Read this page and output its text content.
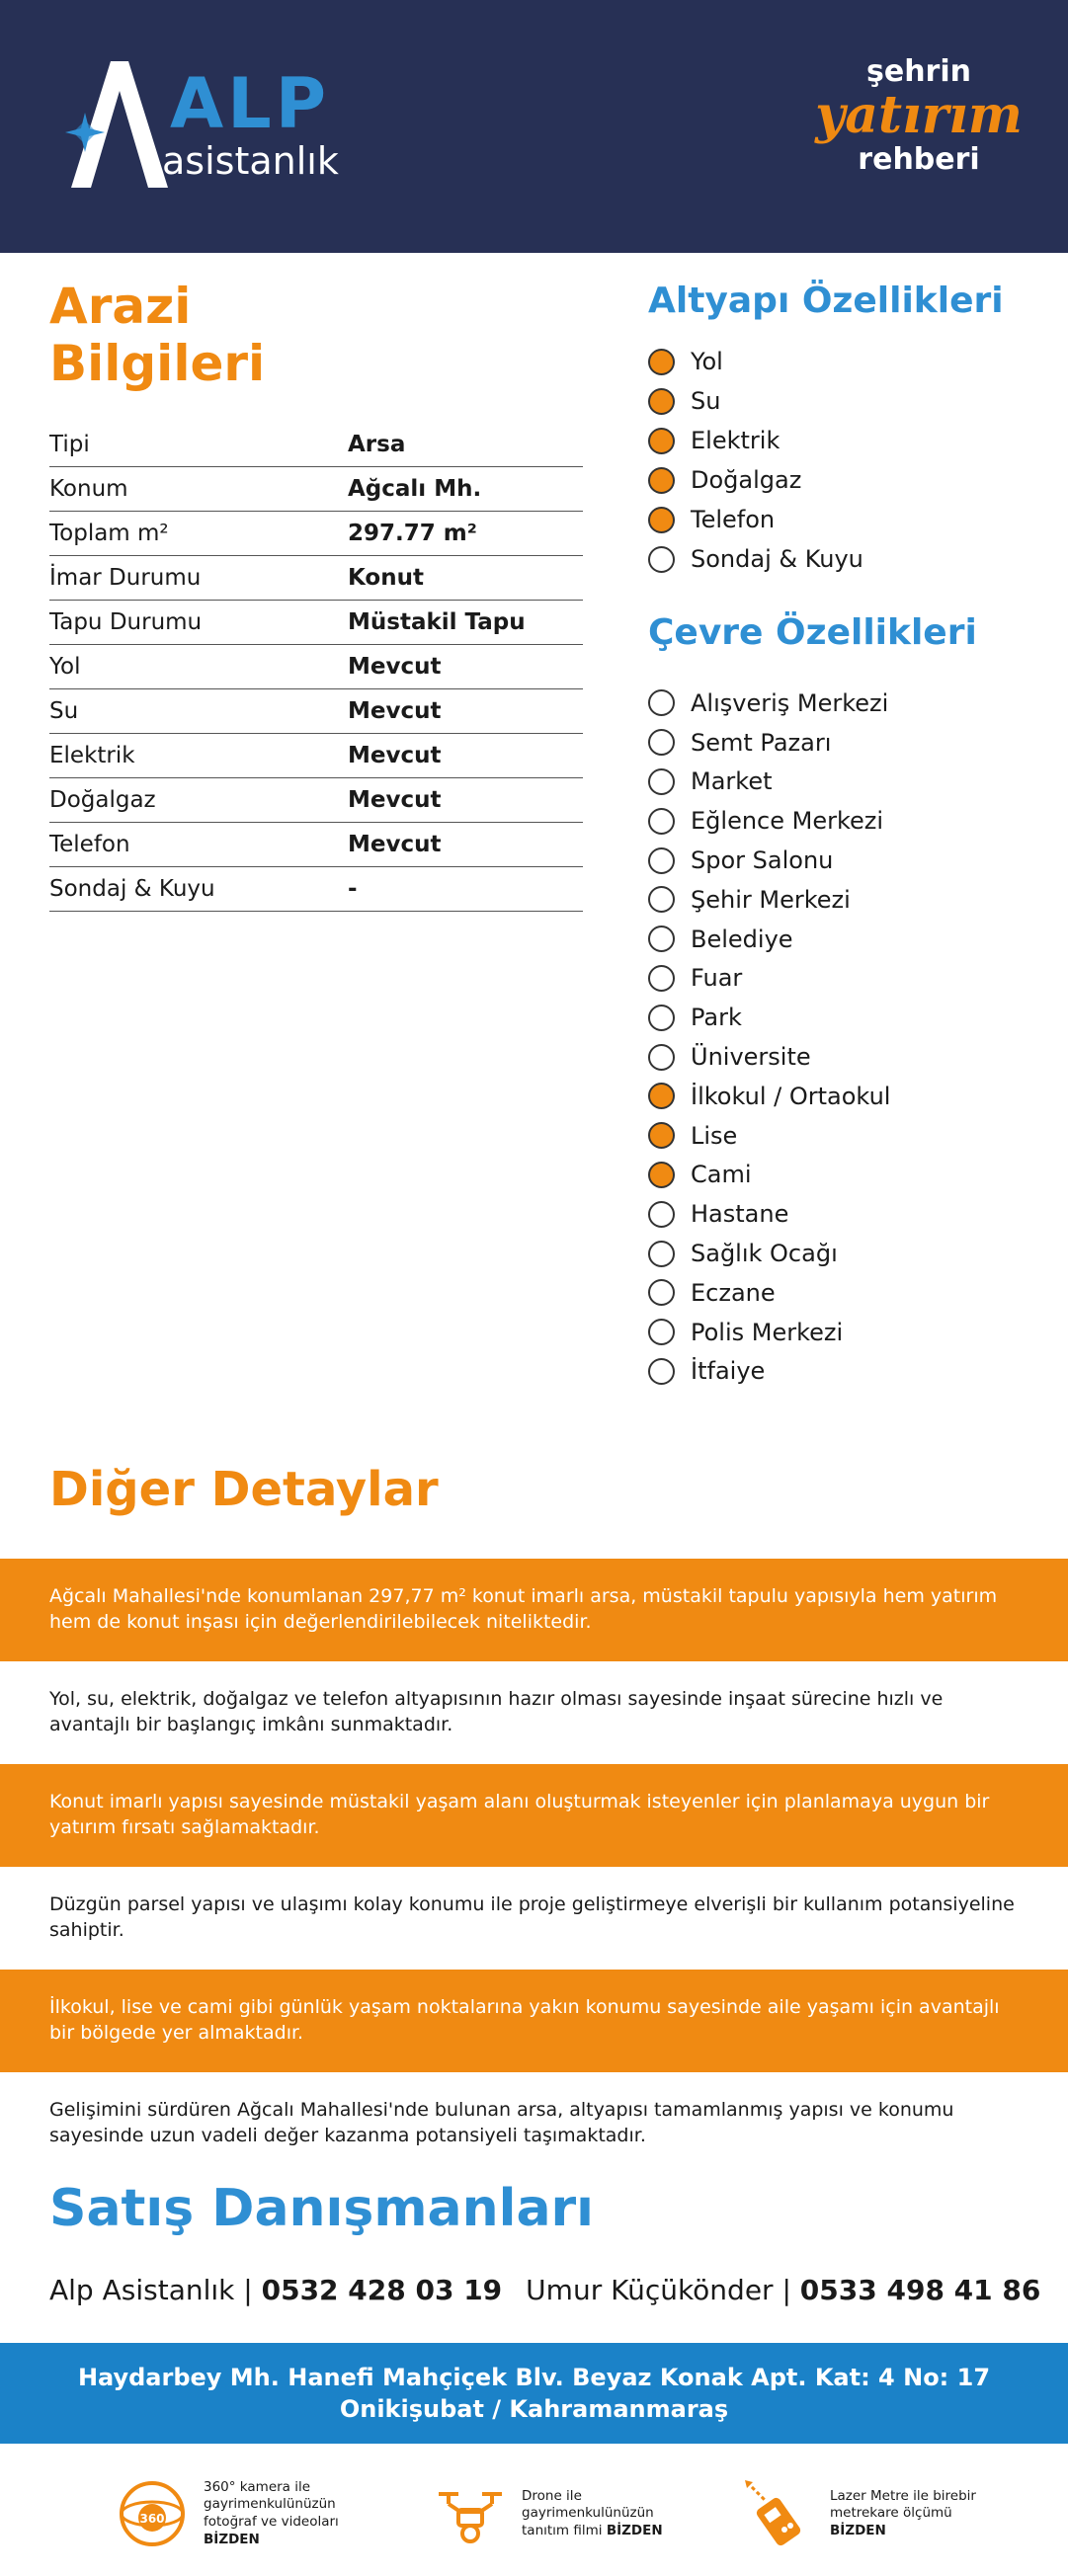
ALP
asistanlık
şehrin
yatırım
rehberi
Arazi
Bilgileri
Tipi	Arsa
Konum	Ağcalı Mh.
Toplam m²	297.77 m²
İmar Durumu	Konut
Tapu Durumu	Müstakil Tapu
Yol	Mevcut
Su	Mevcut
Elektrik	Mevcut
Doğalgaz	Mevcut
Telefon	Mevcut
Sondaj & Kuyu	-
Altyapı Özellikleri
Yol
Su
Elektrik
Doğalgaz
Telefon
Sondaj & Kuyu
Çevre Özellikleri
Alışveriş Merkezi
Semt Pazarı
Market
Eğlence Merkezi
Spor Salonu
Şehir Merkezi
Belediye
Fuar
Park
Üniversite
İlkokul / Ortaokul
Lise
Cami
Hastane
Sağlık Ocağı
Eczane
Polis Merkezi
İtfaiye
Diğer Detaylar
Ağcalı Mahallesi'nde konumlanan 297,77 m² konut imarlı arsa, müstakil tapulu yapısıyla hem yatırım hem de konut inşası için değerlendirilebilecek niteliktedir.
Yol, su, elektrik, doğalgaz ve telefon altyapısının hazır olması sayesinde inşaat sürecine hızlı ve avantajlı bir başlangıç imkânı sunmaktadır.
Konut imarlı yapısı sayesinde müstakil yaşam alanı oluşturmak isteyenler için planlamaya uygun bir yatırım fırsatı sağlamaktadır.
Düzgün parsel yapısı ve ulaşımı kolay konumu ile proje geliştirmeye elverişli bir kullanım potansiyeline sahiptir.
İlkokul, lise ve cami gibi günlük yaşam noktalarına yakın konumu sayesinde aile yaşamı için avantajlı bir bölgede yer almaktadır.
Gelişimini sürdüren Ağcalı Mahallesi'nde bulunan arsa, altyapısı tamamlanmış yapısı ve konumu sayesinde uzun vadeli değer kazanma potansiyeli taşımaktadır.
Satış Danışmanları
Alp Asistanlık | 0532 428 03 19 Umur Küçükönder | 0533 498 41 86
Haydarbey Mh. Hanefi Mahçiçek Blv. Beyaz Konak Apt. Kat: 4 No: 17
Onikişubat / Kahramanmaraş
360
360° kamera ile gayrimenkulünüzün fotoğraf ve videoları
BİZDEN
Drone ile gayrimenkulünüzün tanıtım filmi BİZDEN
Lazer Metre ile birebir metrekare ölçümü BİZDEN
